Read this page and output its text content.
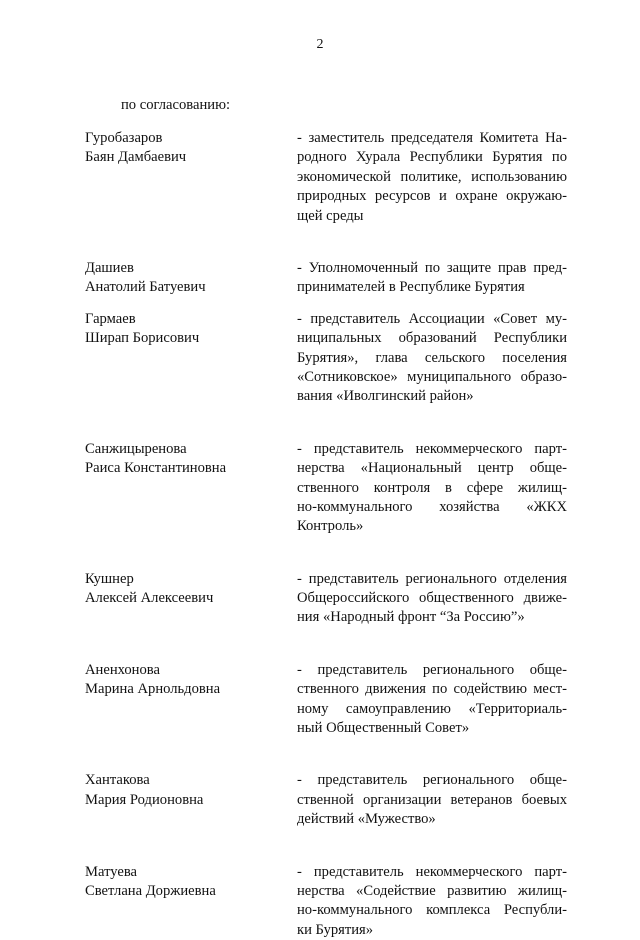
2
по согласованию:
Гуробазаров
Баян Дамбаевич
- заместитель председателя Комитета На-
родного Хурала Республики Бурятия по
экономической политике, использованию
природных ресурсов и охране окружаю-
щей среды
Дашиев
Анатолий Батуевич
- Уполномоченный по защите прав пред-
принимателей в Республике Бурятия
Гармаев
Ширап Борисович
- представитель Ассоциации «Совет му-
ниципальных образований Республики
Бурятия», глава сельского поселения
«Сотниковское» муниципального образо-
вания «Иволгинский район»
Санжицыренова
Раиса Константиновна
- представитель некоммерческого парт-
нерства «Национальный центр обще-
ственного контроля в сфере жилищ-
но-коммунального хозяйства «ЖКХ
Контроль»
Кушнер
Алексей Алексеевич
- представитель регионального отделения
Общероссийского общественного движе-
ния «Народный фронт “За Россию”»
Аненхонова
Марина Арнольдовна
- представитель регионального обще-
ственного движения по содействию мест-
ному самоуправлению «Территориаль-
ный Общественный Совет»
Хантакова
Мария Родионовна
- представитель регионального обще-
ственной организации ветеранов боевых
действий «Мужество»
Матуева
Светлана Доржиевна
- представитель некоммерческого парт-
нерства «Содействие развитию жилищ-
но-коммунального комплекса Республи-
ки Бурятия»
